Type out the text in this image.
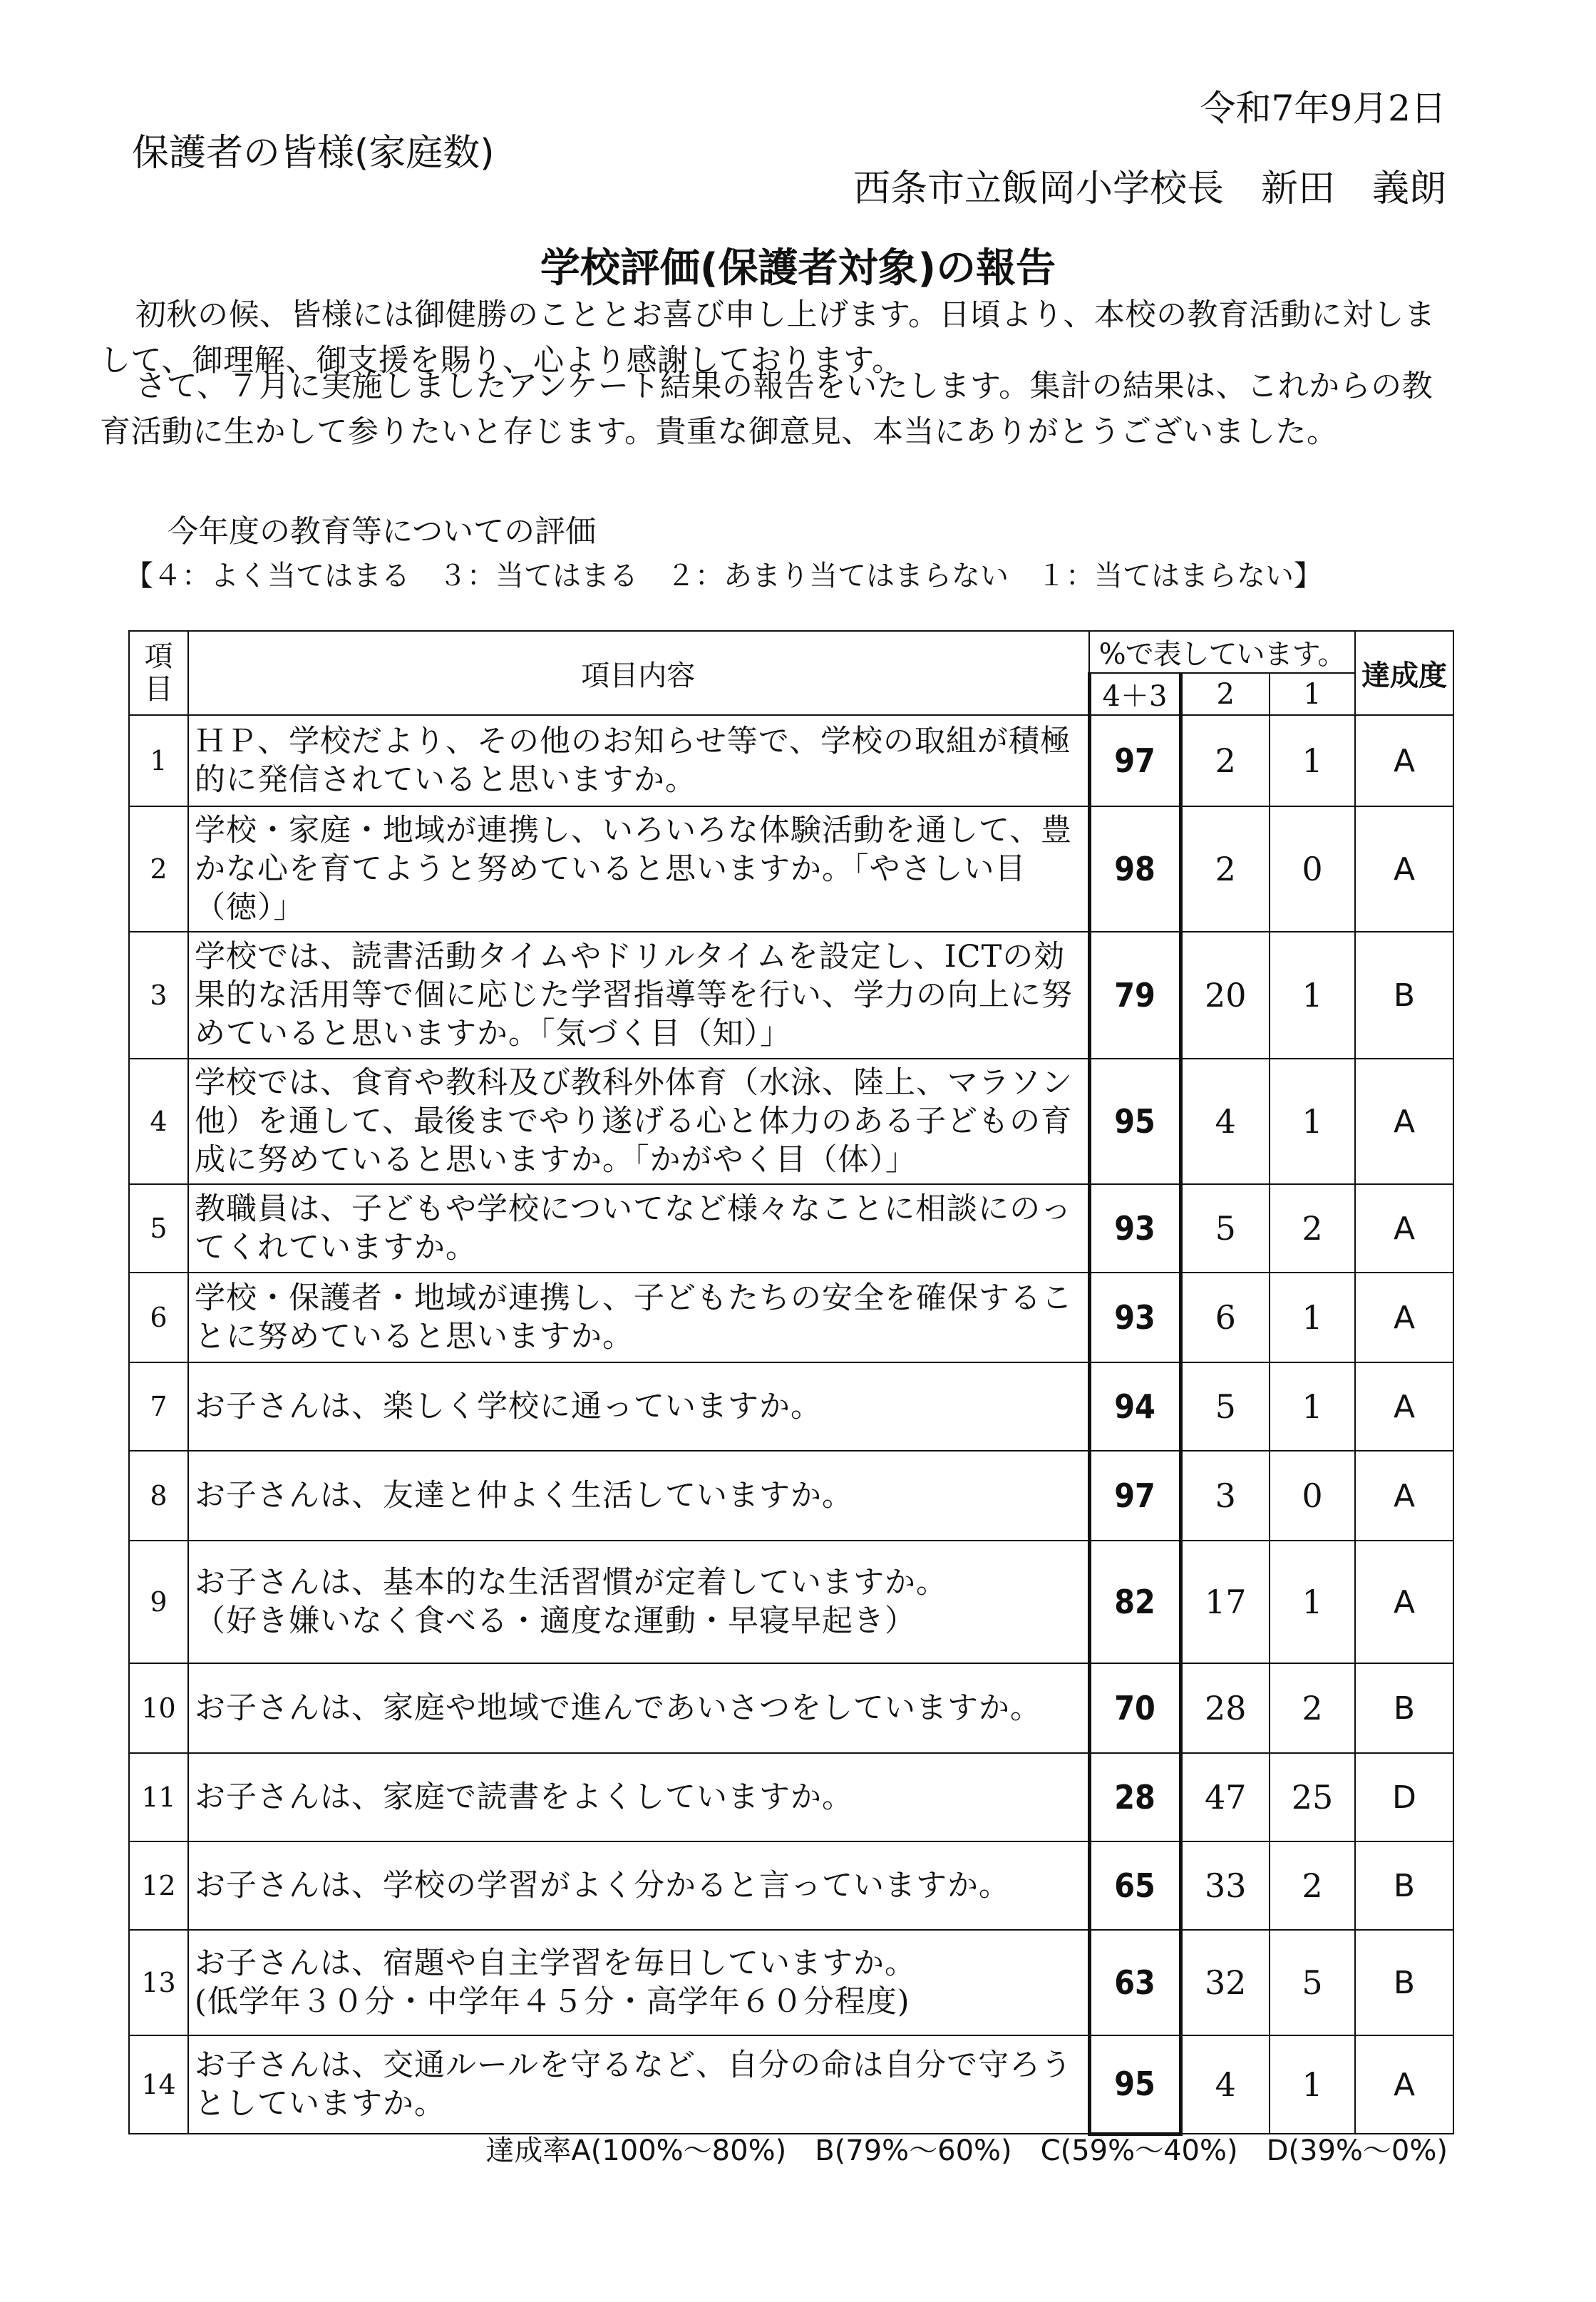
令和7年9月2日
保護者の皆様(家庭数)
西条市立飯岡小学校長　新田　義朗
学校評価(保護者対象)の報告
初秋の候、皆様には御健勝のこととお喜び申し上げます。日頃より、本校の教育活動に対しまして、御理解、御支援を賜り、心より感謝しております。
さて、７月に実施しましたアンケート結果の報告をいたします。集計の結果は、これからの教育活動に生かして参りたいと存じます。貴重な御意見、本当にありがとうございました。
今年度の教育等についての評価
【４：よく当てはまる　３：当てはまる　２：あまり当てはまらない　１：当てはまらない】
項
目	項目内容	%で表しています。			達成度
		4＋3	2	1	
1	ＨＰ、学校だより、その他のお知らせ等で、学校の取組が積極的に発信されていると思いますか。	97	2	1	A
2	学校・家庭・地域が連携し、いろいろな体験活動を通して、豊かな心を育てようと努めていると思いますか。「やさしい目（徳）」	98	2	0	A
3	学校では、読書活動タイムやドリルタイムを設定し、ICTの効果的な活用等で個に応じた学習指導等を行い、学力の向上に努めていると思いますか。「気づく目（知）」	79	20	1	B
4	学校では、食育や教科及び教科外体育（水泳、陸上、マラソン他）を通して、最後までやり遂げる心と体力のある子どもの育成に努めていると思いますか。「かがやく目（体）」	95	4	1	A
5	教職員は、子どもや学校についてなど様々なことに相談にのってくれていますか。	93	5	2	A
6	学校・保護者・地域が連携し、子どもたちの安全を確保することに努めていると思いますか。	93	6	1	A
7	お子さんは、楽しく学校に通っていますか。	94	5	1	A
8	お子さんは、友達と仲よく生活していますか。	97	3	0	A
9	お子さんは、基本的な生活習慣が定着していますか。
（好き嫌いなく食べる・適度な運動・早寝早起き）	82	17	1	A
10	お子さんは、家庭や地域で進んであいさつをしていますか。	70	28	2	B
11	お子さんは、家庭で読書をよくしていますか。	28	47	25	D
12	お子さんは、学校の学習がよく分かると言っていますか。	65	33	2	B
13	お子さんは、宿題や自主学習を毎日していますか。
(低学年３０分・中学年４５分・高学年６０分程度)	63	32	5	B
14	お子さんは、交通ルールを守るなど、自分の命は自分で守ろうとしていますか。	95	4	1	A
達成率A(100%～80%)　B(79%～60%)　C(59%～40%)　D(39%～0%)
